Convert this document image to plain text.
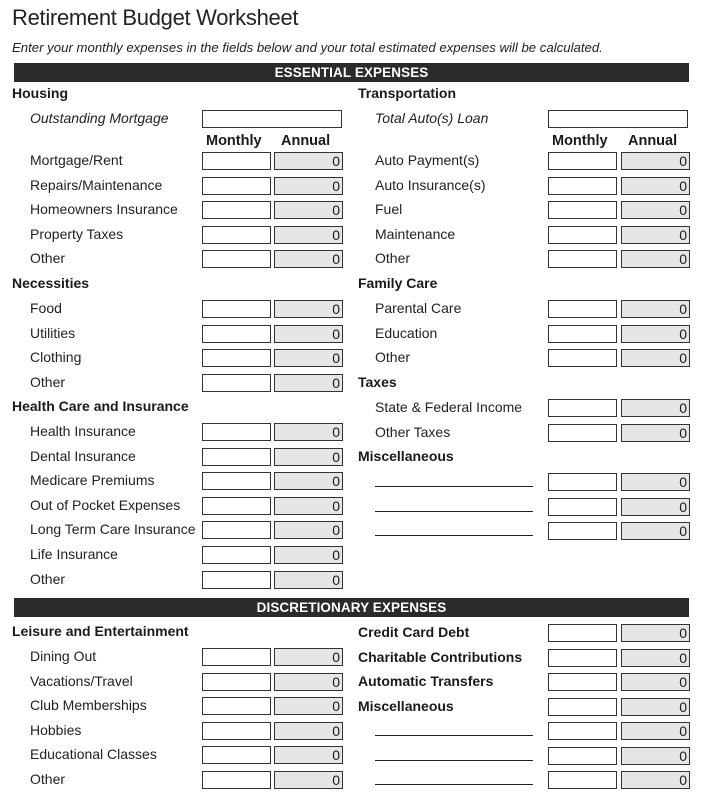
Retirement Budget Worksheet
Enter your monthly expenses in the fields below and your total estimated expenses will be calculated.
ESSENTIAL EXPENSES
Housing
Outstanding Mortgage
Monthly Annual
Mortgage/Rent	0
Repairs/Maintenance	0
Homeowners Insurance	0
Property Taxes	0
Other	0
Necessities
Food	0
Utilities	0
Clothing	0
Other	0
Health Care and Insurance
Health Insurance	0
Dental Insurance	0
Medicare Premiums	0
Out of Pocket Expenses	0
Long Term Care Insurance	0
Life Insurance	0
Other	0
Transportation
Total Auto(s) Loan
Monthly Annual
Auto Payment(s)	0
Auto Insurance(s)	0
Fuel	0
Maintenance	0
Other	0
Family Care
Parental Care	0
Education	0
Other	0
Taxes
State & Federal Income	0
Other Taxes	0
Miscellaneous
0
0
0
DISCRETIONARY EXPENSES
Leisure and Entertainment
Dining Out	0
Vacations/Travel	0
Club Memberships	0
Hobbies	0
Educational Classes	0
Other	0
Credit Card Debt	0
Charitable Contributions	0
Automatic Transfers	0
Miscellaneous	0
0
0
0
